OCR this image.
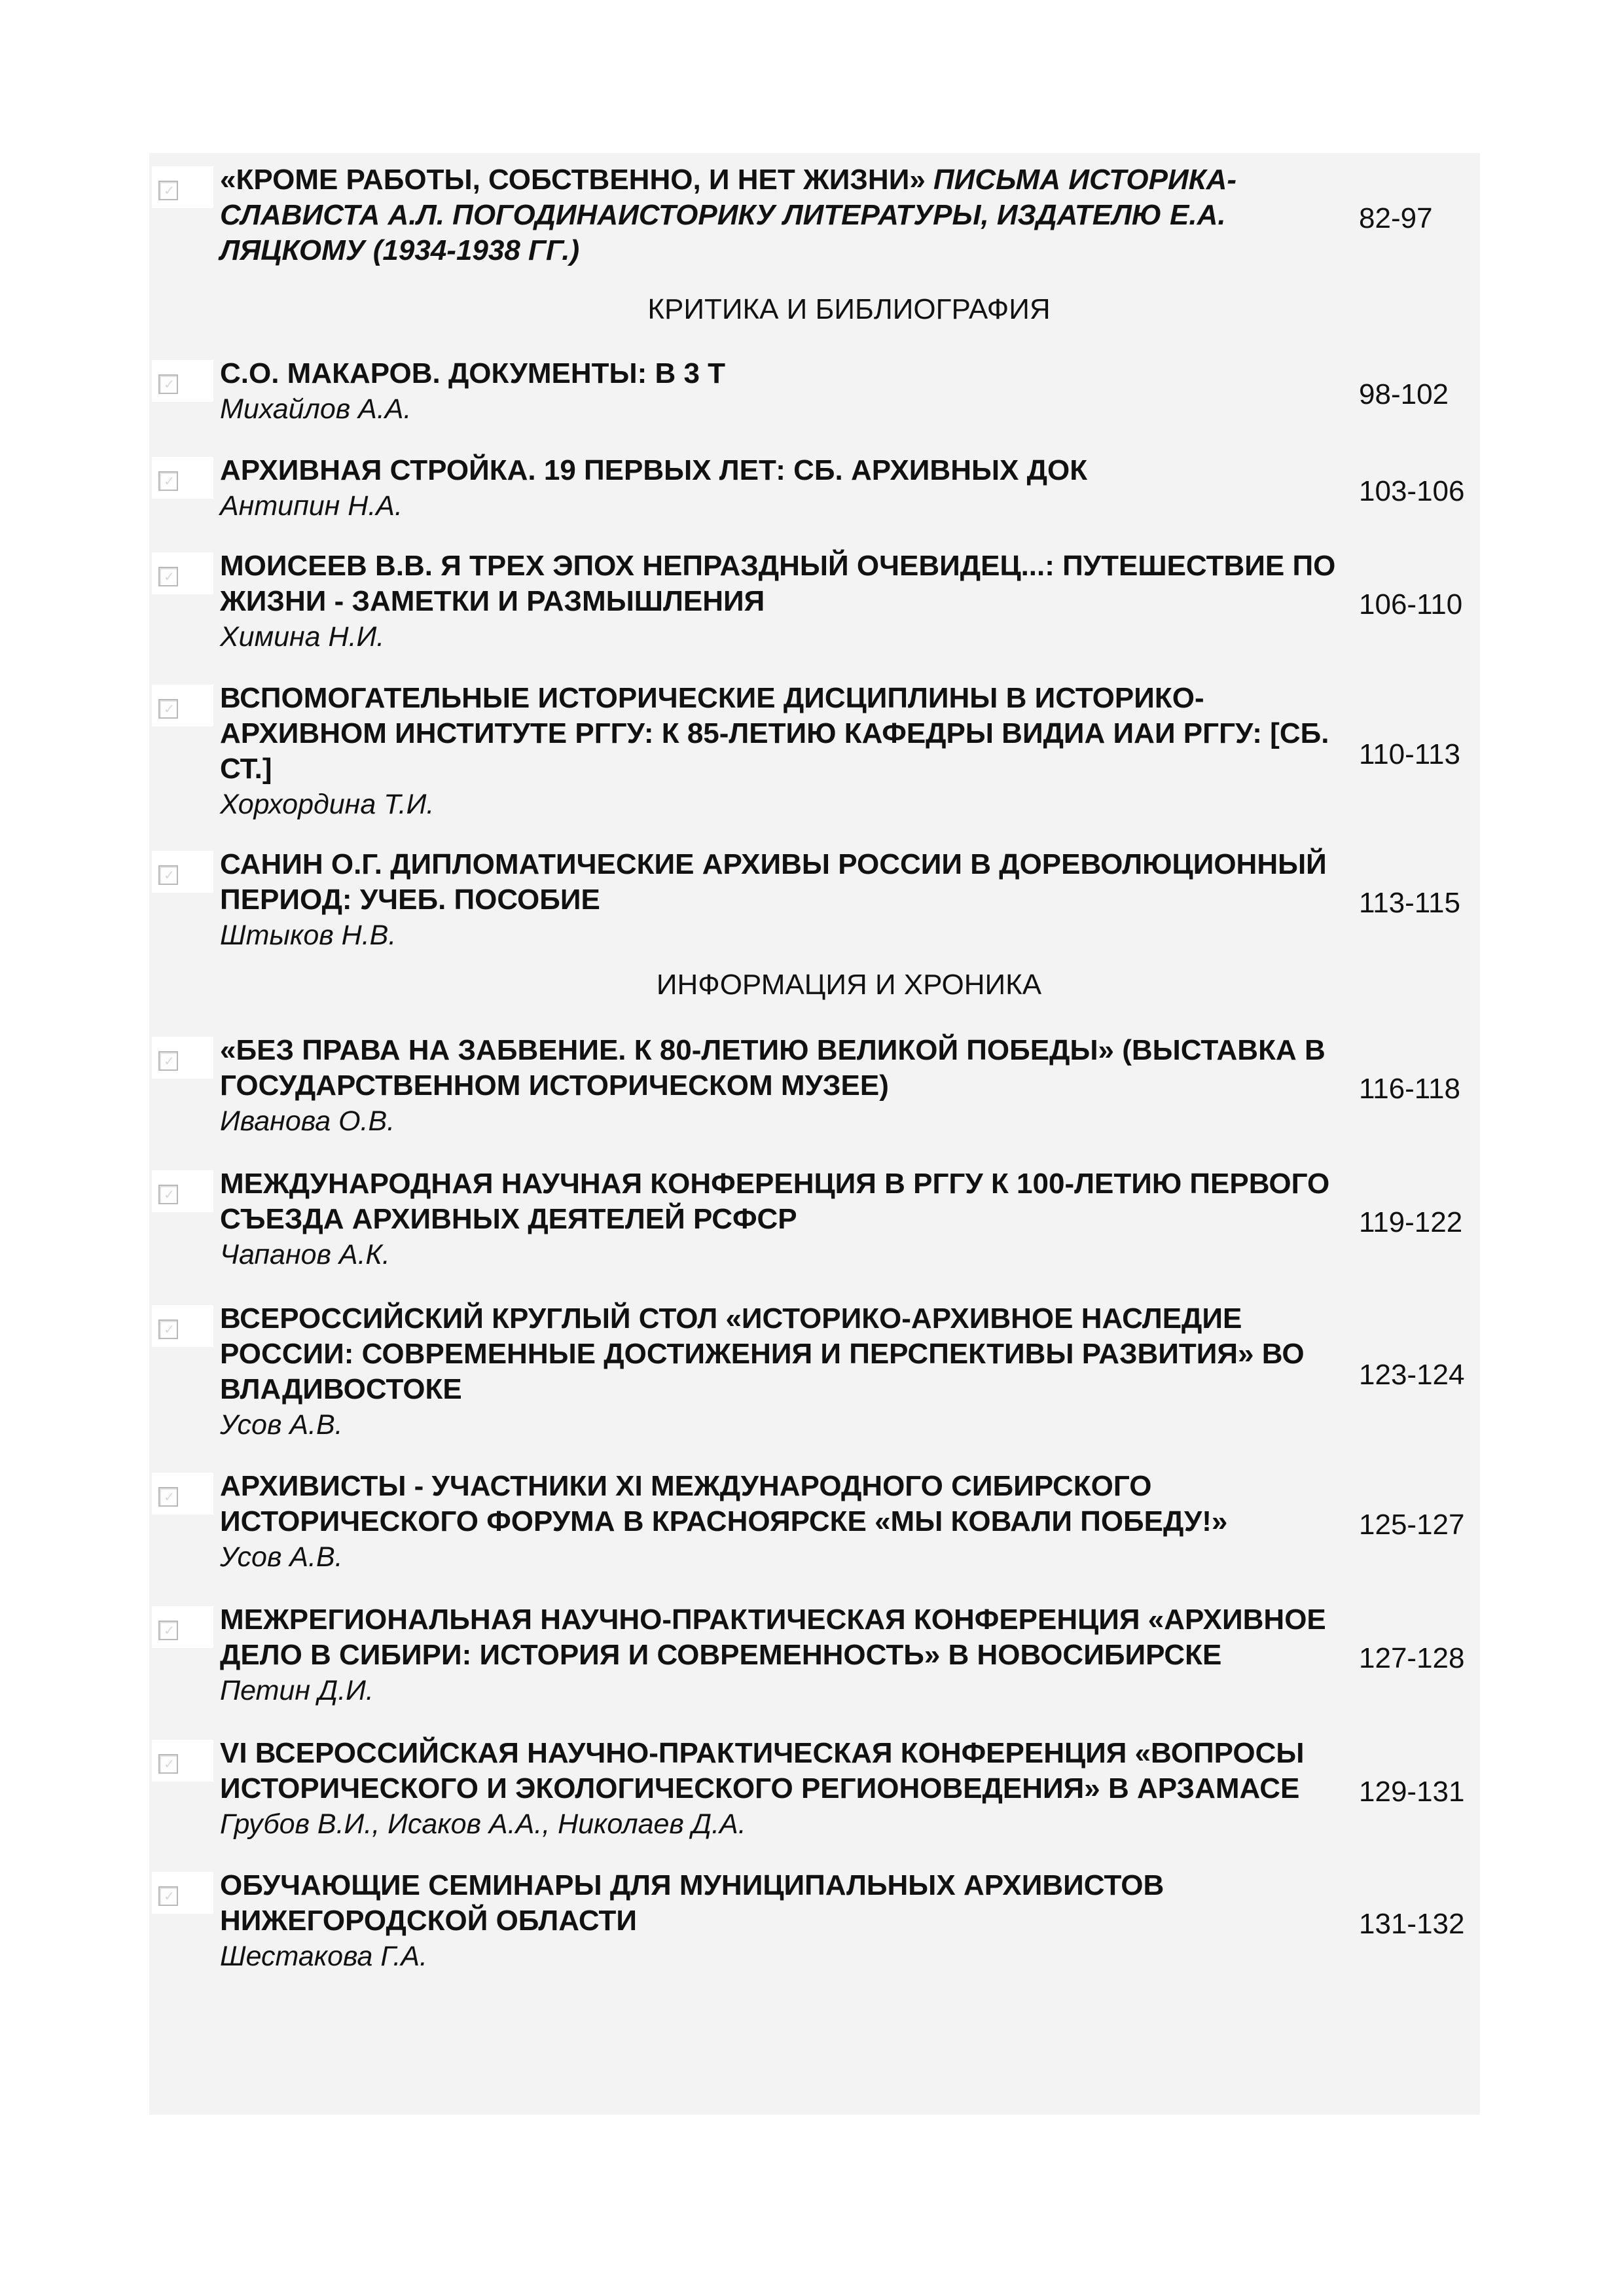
✓ «КРОМЕ РАБОТЫ, СОБСТВЕННО, И НЕТ ЖИЗНИ» ПИСЬМА ИСТОРИКА-СЛАВИСТА А.Л. ПОГОДИНАИСТОРИКУ ЛИТЕРАТУРЫ, ИЗДАТЕЛЮ Е.А. ЛЯЦКОМУ (1934-1938 ГГ.)
82-97
КРИТИКА И БИБЛИОГРАФИЯ
✓ С.О. МАКАРОВ. ДОКУМЕНТЫ: В 3 Т
Михайлов А.А.	98-102
✓ АРХИВНАЯ СТРОЙКА. 19 ПЕРВЫХ ЛЕТ: СБ. АРХИВНЫХ ДОК
Антипин Н.А.	103-106
✓ МОИСЕЕВ В.В. Я ТРЕХ ЭПОХ НЕПРАЗДНЫЙ ОЧЕВИДЕЦ...: ПУТЕШЕСТВИЕ ПО ЖИЗНИ - ЗАМЕТКИ И РАЗМЫШЛЕНИЯ
Химина Н.И.
106-110
✓ ВСПОМОГАТЕЛЬНЫЕ ИСТОРИЧЕСКИЕ ДИСЦИПЛИНЫ В ИСТОРИКО-АРХИВНОМ ИНСТИТУТЕ РГГУ: К 85-ЛЕТИЮ КАФЕДРЫ ВИДИА ИАИ РГГУ: [СБ. СТ.]
Хорхордина Т.И.
110-113
✓ САНИН О.Г. ДИПЛОМАТИЧЕСКИЕ АРХИВЫ РОССИИ В ДОРЕВОЛЮЦИОННЫЙ ПЕРИОД: УЧЕБ. ПОСОБИЕ
Штыков Н.В.
113-115
ИНФОРМАЦИЯ И ХРОНИКА
✓ «БЕЗ ПРАВА НА ЗАБВЕНИЕ. К 80-ЛЕТИЮ ВЕЛИКОЙ ПОБЕДЫ» (ВЫСТАВКА В ГОСУДАРСТВЕННОМ ИСТОРИЧЕСКОМ МУЗЕЕ)
Иванова О.В.
116-118
✓ МЕЖДУНАРОДНАЯ НАУЧНАЯ КОНФЕРЕНЦИЯ В РГГУ К 100-ЛЕТИЮ ПЕРВОГО СЪЕЗДА АРХИВНЫХ ДЕЯТЕЛЕЙ РСФСР
Чапанов А.К.
119-122
✓ ВСЕРОССИЙСКИЙ КРУГЛЫЙ СТОЛ «ИСТОРИКО-АРХИВНОЕ НАСЛЕДИЕ РОССИИ: СОВРЕМЕННЫЕ ДОСТИЖЕНИЯ И ПЕРСПЕКТИВЫ РАЗВИТИЯ» ВО ВЛАДИВОСТОКЕ
Усов А.В.
123-124
✓ АРХИВИСТЫ - УЧАСТНИКИ XI МЕЖДУНАРОДНОГО СИБИРСКОГО ИСТОРИЧЕСКОГО ФОРУМА В КРАСНОЯРСКЕ «МЫ КОВАЛИ ПОБЕДУ!»
Усов А.В.
125-127
✓ МЕЖРЕГИОНАЛЬНАЯ НАУЧНО-ПРАКТИЧЕСКАЯ КОНФЕРЕНЦИЯ «АРХИВНОЕ ДЕЛО В СИБИРИ: ИСТОРИЯ И СОВРЕМЕННОСТЬ» В НОВОСИБИРСКЕ
Петин Д.И.
127-128
✓ VI ВСЕРОССИЙСКАЯ НАУЧНО-ПРАКТИЧЕСКАЯ КОНФЕРЕНЦИЯ «ВОПРОСЫ ИСТОРИЧЕСКОГО И ЭКОЛОГИЧЕСКОГО РЕГИОНОВЕДЕНИЯ» В АРЗАМАСЕ
Грубов В.И., Исаков А.А., Николаев Д.А.
129-131
✓ ОБУЧАЮЩИЕ СЕМИНАРЫ ДЛЯ МУНИЦИПАЛЬНЫХ АРХИВИСТОВ НИЖЕГОРОДСКОЙ ОБЛАСТИ
Шестакова Г.А.
131-132
